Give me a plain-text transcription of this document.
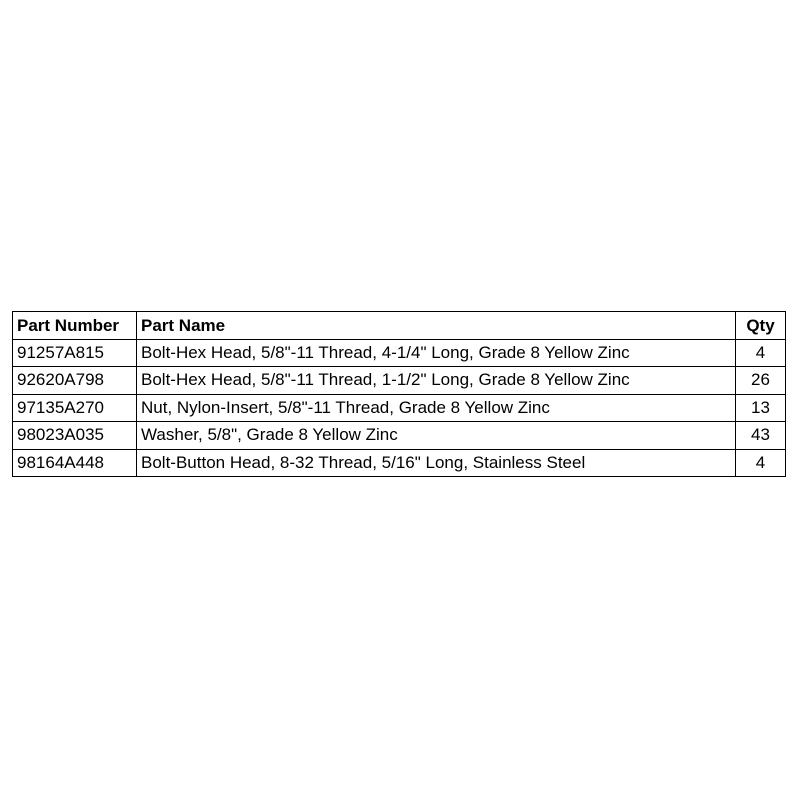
Part Number	Part Name	Qty
91257A815	Bolt-Hex Head, 5/8"-11 Thread, 4-1/4" Long, Grade 8 Yellow Zinc	4
92620A798	Bolt-Hex Head, 5/8"-11 Thread, 1-1/2" Long, Grade 8 Yellow Zinc	26
97135A270	Nut, Nylon-Insert, 5/8"-11 Thread, Grade 8 Yellow Zinc	13
98023A035	Washer, 5/8", Grade 8 Yellow Zinc	43
98164A448	Bolt-Button Head, 8-32 Thread, 5/16" Long, Stainless Steel	4
